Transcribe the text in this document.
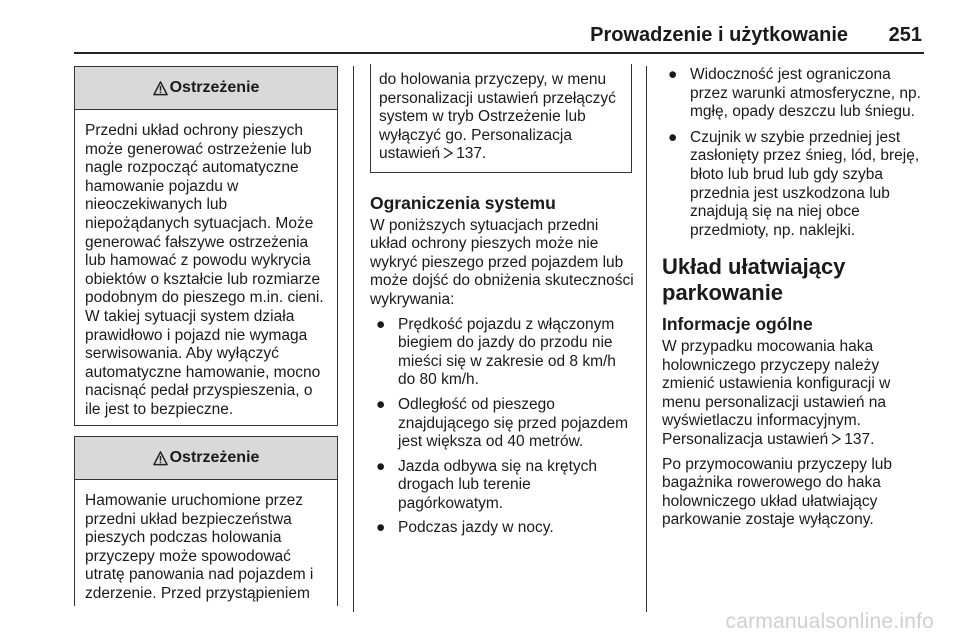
Prowadzenie i użytkowanie 251
Ostrzeżenie
Przedni układ ochrony pieszych może generować ostrzeżenie lub nagle rozpocząć automatyczne hamowanie pojazdu w nieoczekiwanych lub niepożądanych sytuacjach. Może generować fałszywe ostrzeżenia lub hamować z powodu wykrycia obiektów o kształcie lub rozmiarze podobnym do pieszego m.in. cieni. W takiej sytuacji system działa prawidłowo i pojazd nie wymaga serwisowania. Aby wyłączyć automatyczne hamowanie, mocno nacisnąć pedał przyspieszenia, o ile jest to bezpieczne.
Ostrzeżenie
Hamowanie uruchomione przez przedni układ bezpieczeństwa pieszych podczas holowania przyczepy może spowodować utratę panowania nad pojazdem i zderzenie. Przed przystąpieniem
do holowania przyczepy, w menu personalizacji ustawień przełączyć system w tryb Ostrzeżenie lub wyłączyć go. Personalizacja ustawień 137.
Ograniczenia systemu

W poniższych sytuacjach przedni układ ochrony pieszych może nie wykryć pieszego przed pojazdem lub może dojść do obniżenia skuteczności wykrywania:

● Prędkość pojazdu z włączonym biegiem do jazdy do przodu nie mieści się w zakresie od 8 km/h do 80 km/h.
● Odległość od pieszego znajdującego się przed pojazdem jest większa od 40 metrów.
● Jazda odbywa się na krętych drogach lub terenie pagórkowatym.
● Podczas jazdy w nocy.
● Widoczność jest ograniczona przez warunki atmosferyczne, np. mgłę, opady deszczu lub śniegu.
● Czujnik w szybie przedniej jest zasłonięty przez śnieg, lód, breję, błoto lub brud lub gdy szyba przednia jest uszkodzona lub znajdują się na niej obce przedmioty, np. naklejki.
Układ ułatwiający parkowanie
Informacje ogólne

W przypadku mocowania haka holowniczego przyczepy należy zmienić ustawienia konfiguracji w menu personalizacji ustawień na wyświetlaczu informacyjnym. Personalizacja ustawień 137.

Po przymocowaniu przyczepy lub bagażnika rowerowego do haka holowniczego układ ułatwiający parkowanie zostaje wyłączony.

carmanualsonline.info
